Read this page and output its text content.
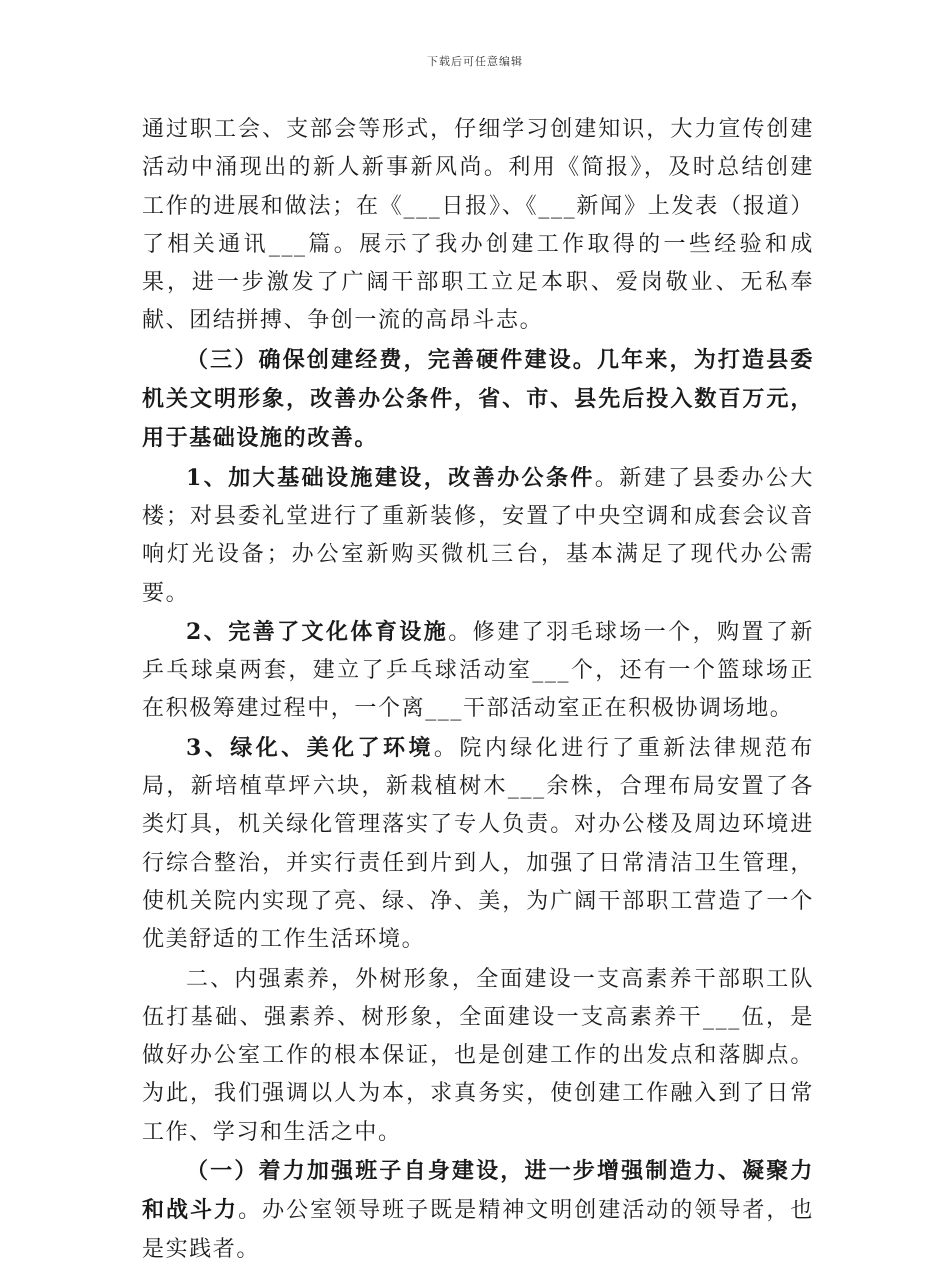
下载后可任意编辑

通过职工会、支部会等形式，仔细学习创建知识，大力宣传创建活动中涌现出的新人新事新风尚。利用《简报》，及时总结创建工作的进展和做法；在《___日报》、《___新闻》上发表（报道）了相关通讯___篇。展示了我办创建工作取得的一些经验和成果，进一步激发了广阔干部职工立足本职、爱岗敬业、无私奉献、团结拼搏、争创一流的高昂斗志。

（三）确保创建经费，完善硬件建设。几年来，为打造县委机关文明形象，改善办公条件，省、市、县先后投入数百万元，用于基础设施的改善。

1、加大基础设施建设，改善办公条件。新建了县委办公大楼；对县委礼堂进行了重新装修，安置了中央空调和成套会议音响灯光设备；办公室新购买微机三台，基本满足了现代办公需要。

2、完善了文化体育设施。修建了羽毛球场一个，购置了新乒乓球桌两套，建立了乒乓球活动室___个，还有一个篮球场正在积极筹建过程中，一个离___干部活动室正在积极协调场地。

3、绿化、美化了环境。院内绿化进行了重新法律规范布局，新培植草坪六块，新栽植树木___余株，合理布局安置了各类灯具，机关绿化管理落实了专人负责。对办公楼及周边环境进行综合整治，并实行责任到片到人，加强了日常清洁卫生管理，使机关院内实现了亮、绿、净、美，为广阔干部职工营造了一个优美舒适的工作生活环境。

二、内强素养，外树形象，全面建设一支高素养干部职工队伍打基础、强素养、树形象，全面建设一支高素养干___伍，是做好办公室工作的根本保证，也是创建工作的出发点和落脚点。为此，我们强调以人为本，求真务实，使创建工作融入到了日常工作、学习和生活之中。

（一）着力加强班子自身建设，进一步增强制造力、凝聚力和战斗力。办公室领导班子既是精神文明创建活动的领导者，也是实践者。
